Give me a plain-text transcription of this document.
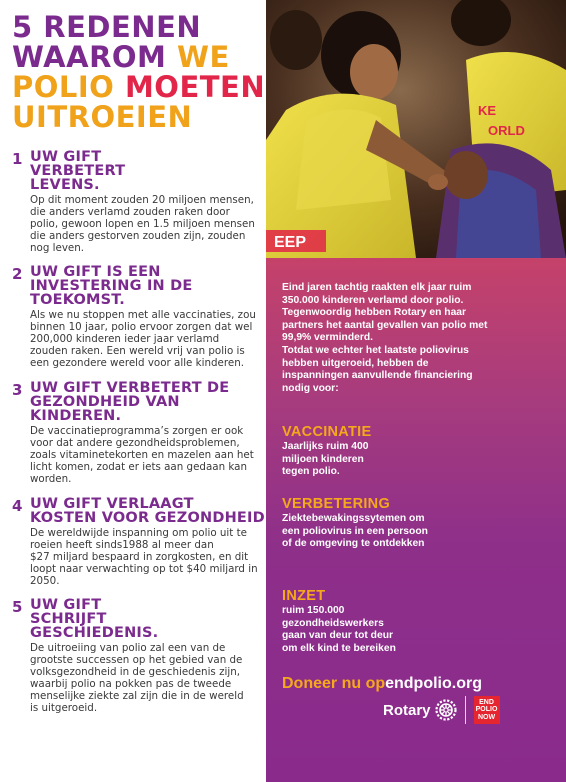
5 REDENEN
WAAROM WE
POLIO MOETEN
UITROEIEN
1 UW GIFT
VERBETERT
LEVENS.
Op dit moment zouden 20 miljoen mensen,
die anders verlamd zouden raken door
polio, gewoon lopen en 1.5 miljoen mensen
die anders gestorven zouden zijn, zouden
nog leven.
2 UW GIFT IS EEN
INVESTERING IN DE
TOEKOMST.
Als we nu stoppen met alle vaccinaties, zou
binnen 10 jaar, polio ervoor zorgen dat wel
200,000 kinderen ieder jaar verlamd
zouden raken. Een wereld vrij van polio is
een gezondere wereld voor alle kinderen.
3 UW GIFT VERBETERT DE
GEZONDHEID VAN
KINDEREN.
De vaccinatieprogramma’s zorgen er ook
voor dat andere gezondheidsproblemen,
zoals vitaminetekorten en mazelen aan het
licht komen, zodat er iets aan gedaan kan
worden.
4 UW GIFT VERLAAGT
KOSTEN VOOR GEZONDHEID
De wereldwijde inspanning om polio uit te
roeien heeft sinds1988 al meer dan
$27 miljard bespaard in zorgkosten, en dit
loopt naar verwachting op tot $40 miljard in
2050.
5 UW GIFT
SCHRIJFT
GESCHIEDENIS.
De uitroeiing van polio zal een van de
grootste successen op het gebied van de
volksgezondheid in de geschiedenis zijn,
waarbij polio na pokken pas de tweede
menselijke ziekte zal zijn die in de wereld
is uitgeroeid.
EEP
KE
ORLD
Eind jaren tachtig raakten elk jaar ruim
350.000 kinderen verlamd door polio.
Tegenwoordig hebben Rotary en haar
partners het aantal gevallen van polio met
99,9% verminderd.
Totdat we echter het laatste poliovirus
hebben uitgeroeid, hebben de
inspanningen aanvullende financiering
nodig voor:
VACCINATIE
Jaarlijks ruim 400
miljoen kinderen
tegen polio.
VERBETERING
Ziektebewakingssytemen om
een poliovirus in een persoon
of de omgeving te ontdekken
INZET
ruim 150.000
gezondheidswerkers
gaan van deur tot deur
om elk kind te bereiken
Doneer nu opendpolio.org
Rotary	END
POLIO
NOW
